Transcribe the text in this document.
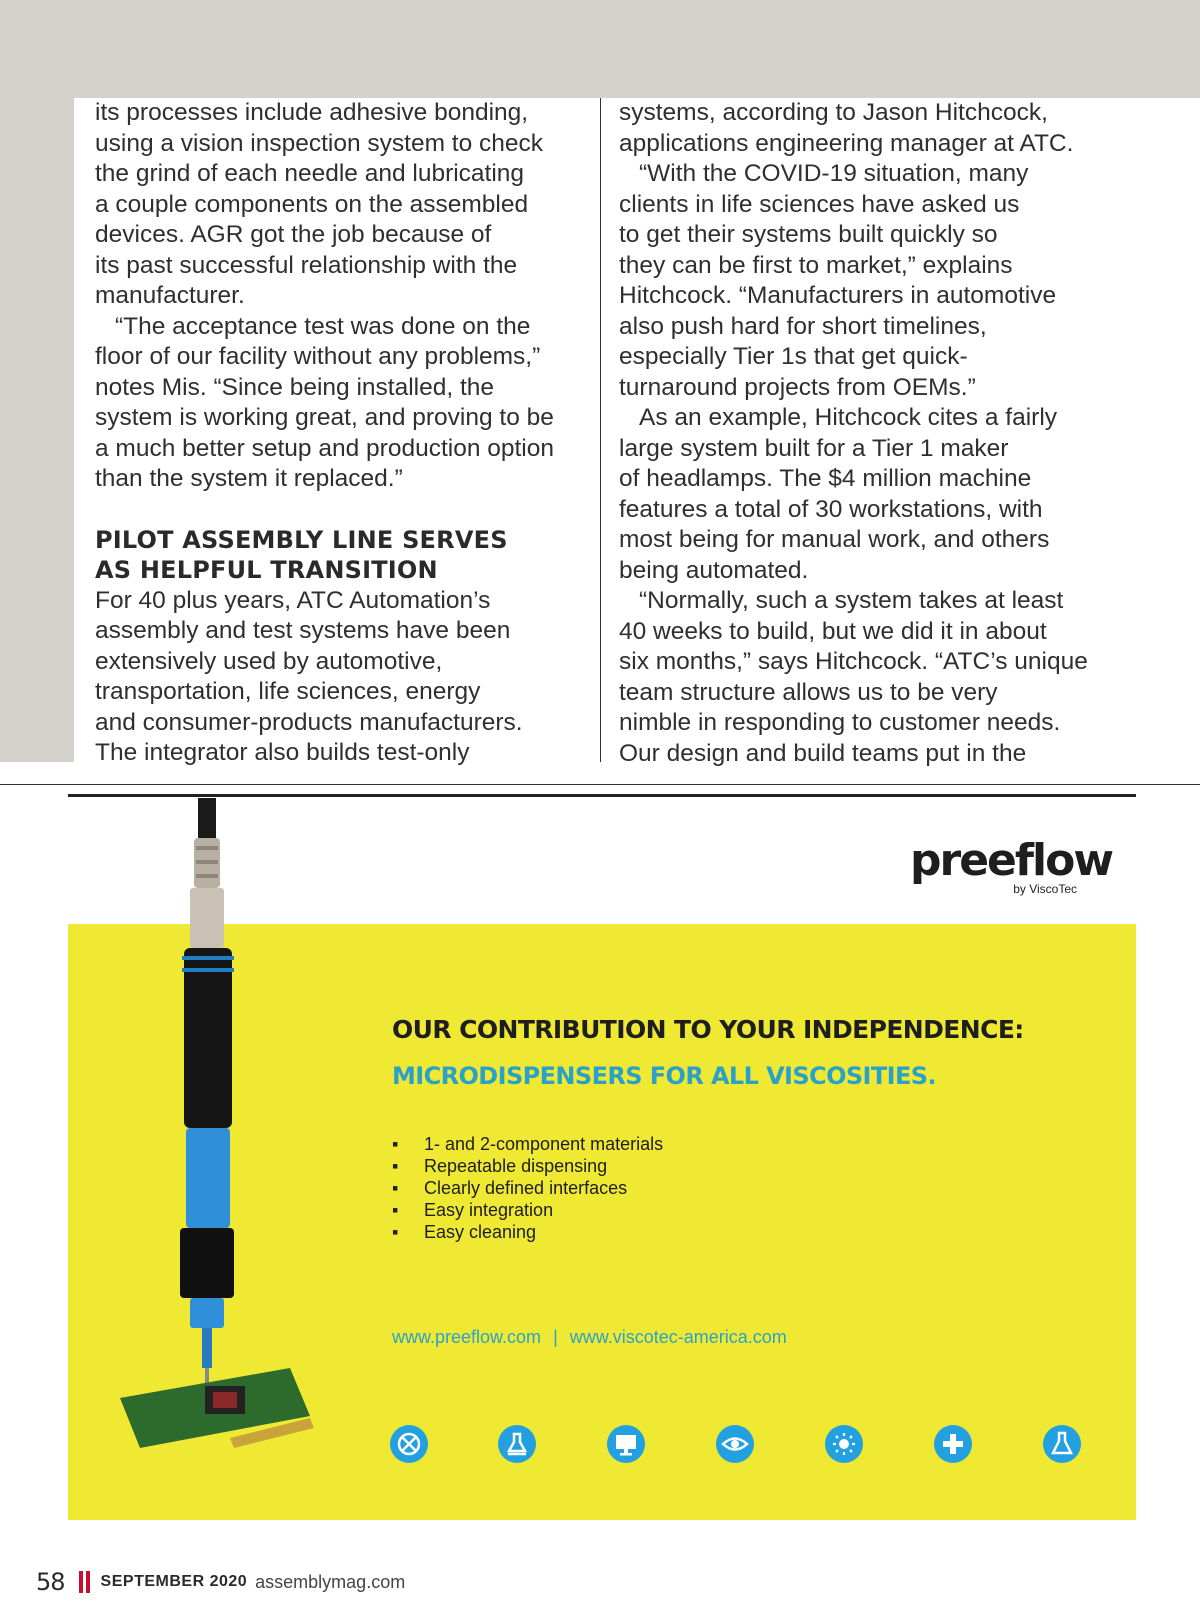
its processes include adhesive bonding,
using a vision inspection system to check
the grind of each needle and lubricating
a couple components on the assembled
devices. AGR got the job because of
its past successful relationship with the
manufacturer.
“The acceptance test was done on the
floor of our facility without any problems,”
notes Mis. “Since being installed, the
system is working great, and proving to be
a much better setup and production option
than the system it replaced.”
PILOT ASSEMBLY LINE SERVES
AS HELPFUL TRANSITION
For 40 plus years, ATC Automation’s
assembly and test systems have been
extensively used by automotive,
transportation, life sciences, energy
and consumer-products manufacturers.
The integrator also builds test-only
systems, according to Jason Hitchcock,
applications engineering manager at ATC.
“With the COVID-19 situation, many
clients in life sciences have asked us
to get their systems built quickly so
they can be first to market,” explains
Hitchcock. “Manufacturers in automotive
also push hard for short timelines,
especially Tier 1s that get quick-
turnaround projects from OEMs.”
As an example, Hitchcock cites a fairly
large system built for a Tier 1 maker
of headlamps. The $4 million machine
features a total of 30 workstations, with
most being for manual work, and others
being automated.
“Normally, such a system takes at least
40 weeks to build, but we did it in about
six months,” says Hitchcock. “ATC’s unique
team structure allows us to be very
nimble in responding to customer needs.
Our design and build teams put in the
preeflow
by ViscoTec
OUR CONTRIBUTION TO YOUR INDEPENDENCE:
MICRODISPENSERS FOR ALL VISCOSITIES.
▪ 1- and 2-component materials
▪ Repeatable dispensing
▪ Clearly defined interfaces
▪ Easy integration
▪ Easy cleaning
www.preeflow.com | www.viscotec-america.com
58 SEPTEMBER 2020 assemblymag.com
